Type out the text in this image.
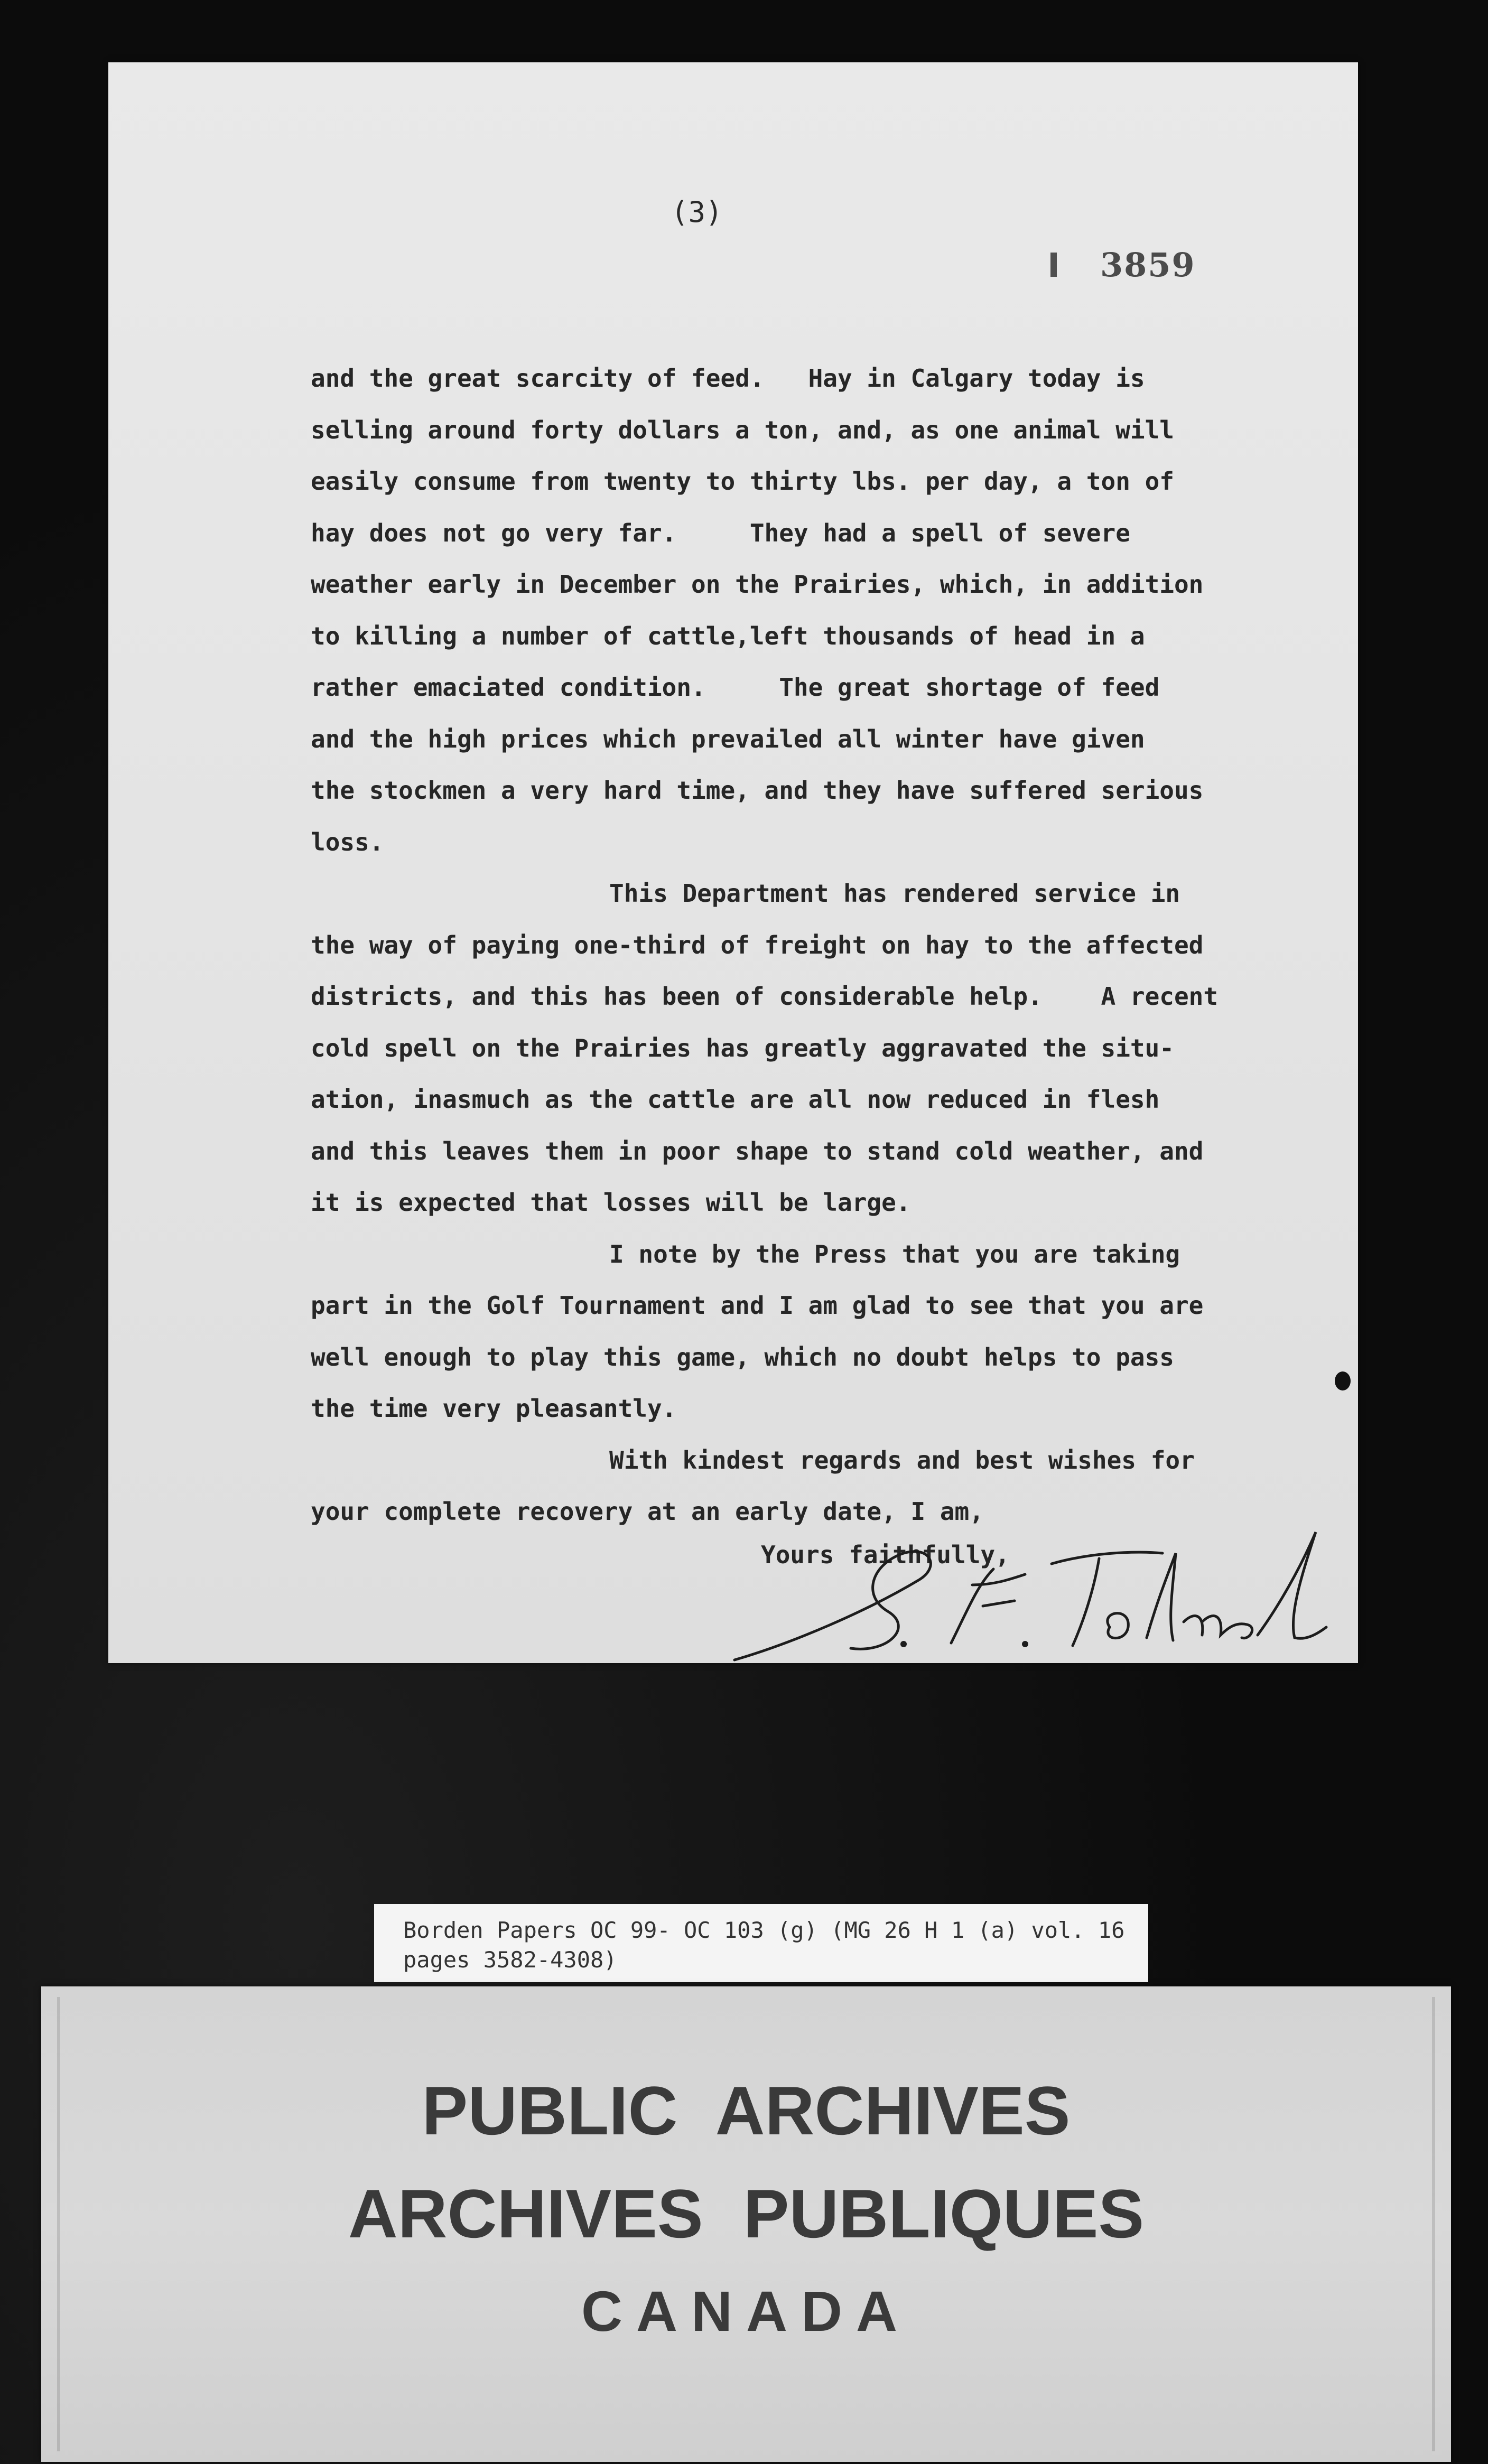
(3)
3859

and the great scarcity of feed.   Hay in Calgary today is

selling around forty dollars a ton, and, as one animal will

easily consume from twenty to thirty lbs. per day, a ton of

hay does not go very far.     They had a spell of severe

weather early in December on the Prairies, which, in addition

to killing a number of cattle,left thousands of head in a

rather emaciated condition.     The great shortage of feed

and the high prices which prevailed all winter have given

the stockmen a very hard time, and they have suffered serious

loss.

This Department has rendered service in

the way of paying one-third of freight on hay to the affected

districts, and this has been of considerable help.    A recent

cold spell on the Prairies has greatly aggravated the situ-

ation, inasmuch as the cattle are all now reduced in flesh

and this leaves them in poor shape to stand cold weather, and

it is expected that losses will be large.

I note by the Press that you are taking

part in the Golf Tournament and I am glad to see that you are

well enough to play this game, which no doubt helps to pass

the time very pleasantly.

With kindest regards and best wishes for

your complete recovery at an early date, I am,

Yours faithfully,
Borden Papers OC 99- OC 103 (g) (MG 26 H 1 (a) vol. 16
pages 3582-4308)
PUBLIC ARCHIVES
ARCHIVES PUBLIQUES
CANADA
